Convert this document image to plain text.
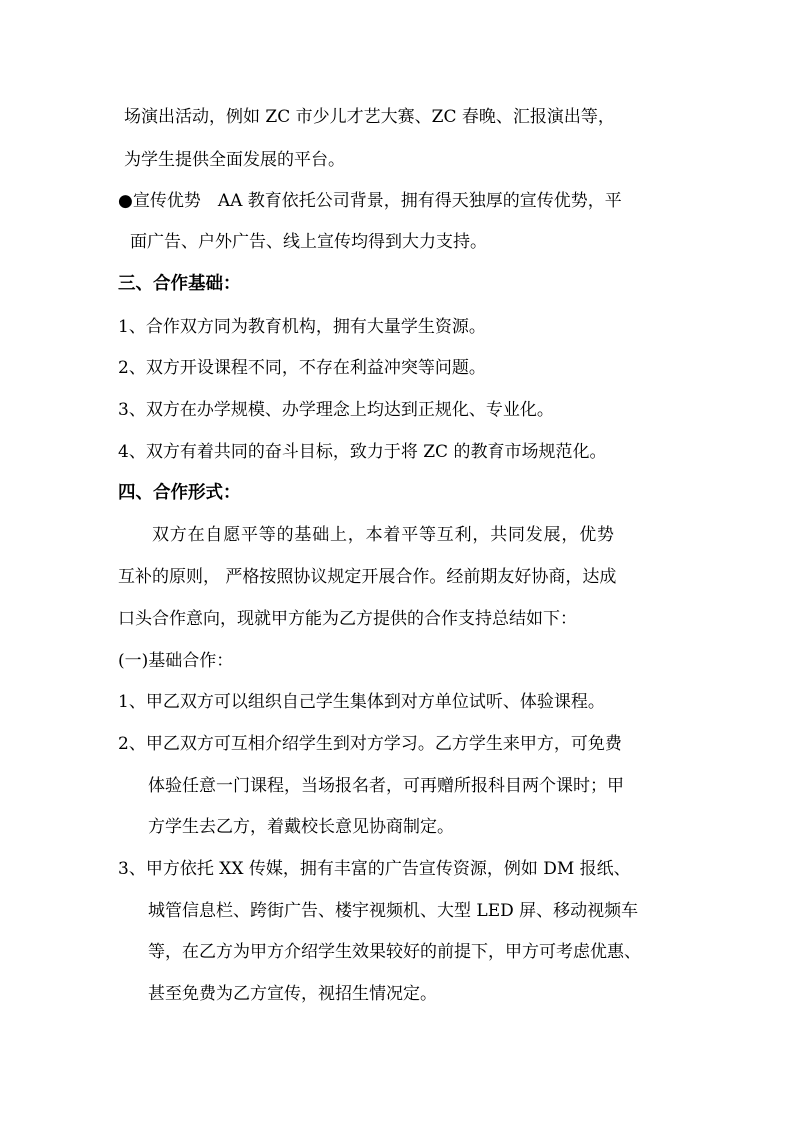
场演出活动，例如 ZC 市少儿才艺大赛、ZC 春晚、汇报演出等，
为学生提供全面发展的平台。
●宣传优势　AA 教育依托公司背景，拥有得天独厚的宣传优势，平
面广告、户外广告、线上宣传均得到大力支持。
三、合作基础：
1、合作双方同为教育机构，拥有大量学生资源。
2、双方开设课程不同，不存在利益冲突等问题。
3、双方在办学规模、办学理念上均达到正规化、专业化。
4、双方有着共同的奋斗目标，致力于将 ZC 的教育市场规范化。
四、合作形式：
双方在自愿平等的基础上，本着平等互利，共同发展，优势
互补的原则， 严格按照协议规定开展合作。经前期友好协商，达成
口头合作意向，现就甲方能为乙方提供的合作支持总结如下：
(一)基础合作：
1、甲乙双方可以组织自己学生集体到对方单位试听、体验课程。
2、甲乙双方可互相介绍学生到对方学习。乙方学生来甲方，可免费
体验任意一门课程，当场报名者，可再赠所报科目两个课时；甲
方学生去乙方，着戴校长意见协商制定。
3、甲方依托 XX 传媒，拥有丰富的广告宣传资源，例如 DM 报纸、
城管信息栏、跨街广告、楼宇视频机、大型 LED 屏、移动视频车
等，在乙方为甲方介绍学生效果较好的前提下，甲方可考虑优惠、
甚至免费为乙方宣传，视招生情况定。
